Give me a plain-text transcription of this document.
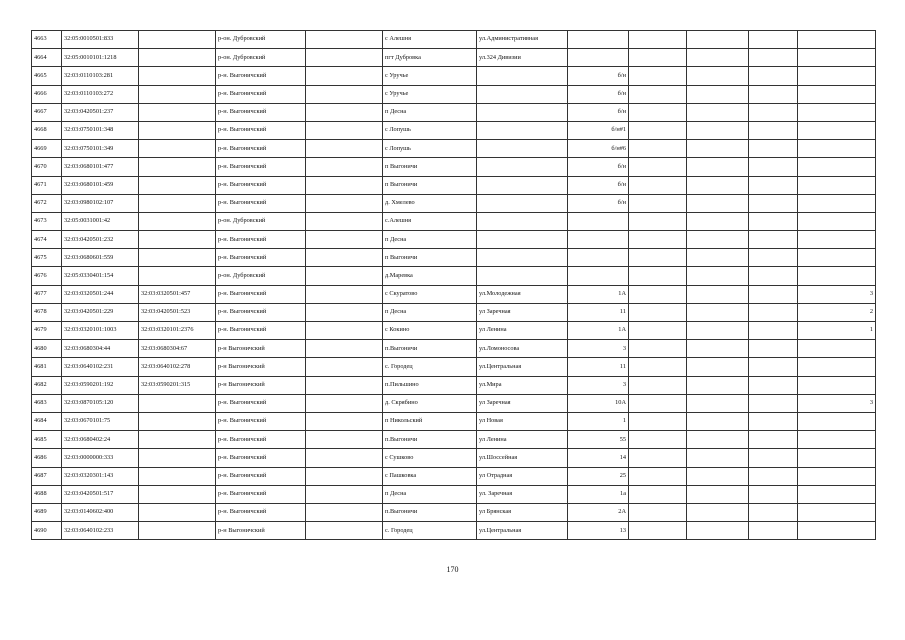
4663	32:05:0010501:833		р-он. Дубровский		с Алешня	ул.Административная					
4664	32:05:0010101:1218		р-он. Дубровский		пгт Дубровка	ул.324 Дивизии					
4665	32:03:0110103:281		р-н. Выгоничский		с Уручье		б/н				
4666	32:03:0110103:272		р-н. Выгоничский		с Уручье		б/н				
4667	32:03:0420501:237		р-н. Выгоничский		п Десна		б/н				
4668	32:03:0750101:348		р-н. Выгоничский		с Лопушь		б/н#1				
4669	32:03:0750101:349		р-н. Выгоничский		с Лопушь		б/н#6				
4670	32:03:0680101:477		р-н. Выгоничский		п Выгоничи		б/н				
4671	32:03:0680101:459		р-н. Выгоничский		п Выгоничи		б/н				
4672	32:03:0980102:107		р-н. Выгоничский		д. Хмелево		б/н				
4673	32:05:0031001:42		р-он. Дубровский		с.Алешня						
4674	32:03:0420501:232		р-н. Выгоничский		п Десна						
4675	32:03:0680601:559		р-н. Выгоничский		п Выгоничи						
4676	32:05:0330401:154		р-он. Дубровский		д.Маревка						
4677	32:03:0320501:244	32:03:0320501:457	р-н. Выгоничский		с Скуратово	ул.Молодежная	1А				3
4678	32:03:0420501:229	32:03:0420501:523	р-н. Выгоничский		п Десна	ул Заречная	11				2
4679	32:03:0320101:1003	32:03:0320101:2376	р-н. Выгоничский		с Кокино	ул Ленина	1А				1
4680	32:03:0680304:44	32:03:0680304:67	р-н Выгоничский		п.Выгоничи	ул.Ломоносова	3				
4681	32:03:0640102:231	32:03:0640102:278	р-н Выгоничский		с. Городец	ул.Центральная	11				
4682	32:03:0590201:192	32:03:0590201:315	р-н Выгоничский		п.Пильшино	ул.Мира	3				
4683	32:03:0870105:120		р-н. Выгоничский		д. Скрябино	ул Заречная	10А				3
4684	32:03:0670101:75		р-н. Выгоничский		п Никольский	ул Новая	1				
4685	32:03:0680402:24		р-н. Выгоничский		п.Выгоничи	ул Ленина	55				
4686	32:03:0000000:333		р-н. Выгоничский		с Сушково	ул.Шоссейная	14				
4687	32:03:0320301:143		р-н. Выгоничский		с Пашковка	ул Отрадная	25				
4688	32:03:0420501:517		р-н. Выгоничский		п Десна	ул. Заречная	1а				
4689	32:03:0140602:400		р-н. Выгоничский		п.Выгоничи	ул Брянская	2А				
4690	32:03:0640102:233		р-н Выгоничский		с. Городец	ул.Центральная	13				
170
